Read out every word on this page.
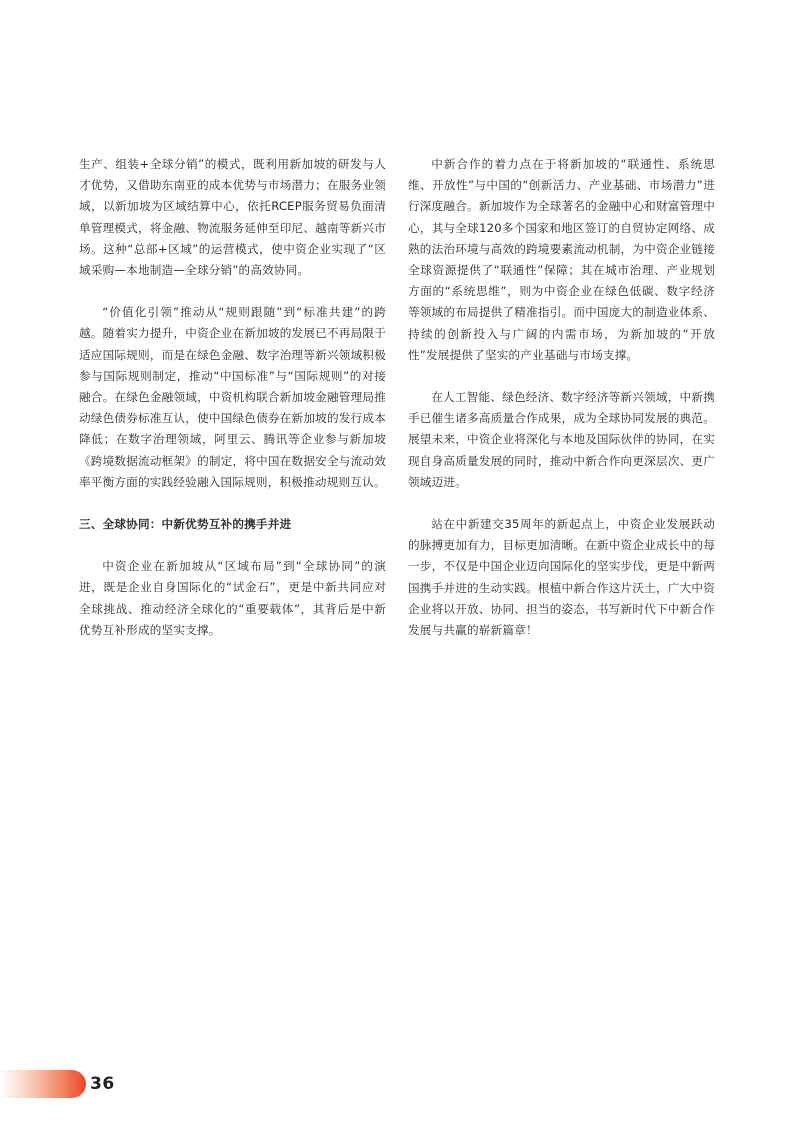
生产、组装+全球分销”的模式，既利用新加坡的研发与人才优势，又借助东南亚的成本优势与市场潜力；在服务业领域，以新加坡为区域结算中心，依托RCEP服务贸易负面清单管理模式，将金融、物流服务延伸至印尼、越南等新兴市场。这种“总部+区域”的运营模式，使中资企业实现了“区域采购—本地制造—全球分销”的高效协同。

“价值化引领”推动从“规则跟随”到“标准共建”的跨越。随着实力提升，中资企业在新加坡的发展已不再局限于适应国际规则，而是在绿色金融、数字治理等新兴领域积极参与国际规则制定，推动“中国标准”与“国际规则”的对接融合。在绿色金融领域，中资机构联合新加坡金融管理局推动绿色债券标准互认，使中国绿色债券在新加坡的发行成本降低；在数字治理领域，阿里云、腾讯等企业参与新加坡《跨境数据流动框架》的制定，将中国在数据安全与流动效率平衡方面的实践经验融入国际规则，积极推动规则互认。

三、全球协同：中新优势互补的携手并进

中资企业在新加坡从“区域布局”到“全球协同”的演进，既是企业自身国际化的“试金石”，更是中新共同应对全球挑战、推动经济全球化的“重要载体”，其背后是中新优势互补形成的坚实支撑。

中新合作的着力点在于将新加坡的“联通性、系统思维、开放性”与中国的“创新活力、产业基础、市场潜力”进行深度融合。新加坡作为全球著名的金融中心和财富管理中心，其与全球120多个国家和地区签订的自贸协定网络、成熟的法治环境与高效的跨境要素流动机制，为中资企业链接全球资源提供了“联通性”保障；其在城市治理、产业规划方面的“系统思维”，则为中资企业在绿色低碳、数字经济等领域的布局提供了精准指引。而中国庞大的制造业体系、持续的创新投入与广阔的内需市场，为新加坡的“开放性”发展提供了坚实的产业基础与市场支撑。

在人工智能、绿色经济、数字经济等新兴领域，中新携手已催生诸多高质量合作成果，成为全球协同发展的典范。展望未来，中资企业将深化与本地及国际伙伴的协同，在实现自身高质量发展的同时，推动中新合作向更深层次、更广领域迈进。

站在中新建交35周年的新起点上，中资企业发展跃动的脉搏更加有力，目标更加清晰。在新中资企业成长中的每一步，不仅是中国企业迈向国际化的坚实步伐，更是中新两国携手并进的生动实践。根植中新合作这片沃土，广大中资企业将以开放、协同、担当的姿态，书写新时代下中新合作发展与共赢的崭新篇章！

36
